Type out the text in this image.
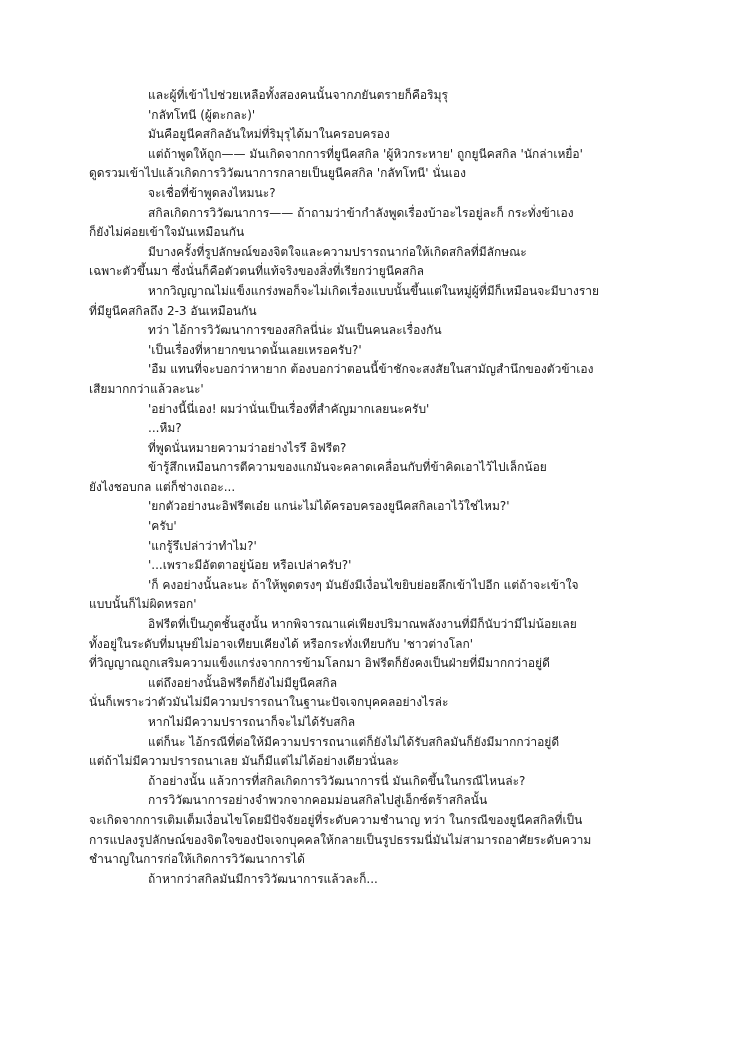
และผู้ที่เข้าไปช่วยเหลือทั้งสองคนนั้นจากภยันตรายก็คือริมุรุ

'กลัทโทนี (ผู้ตะกละ)'

มันคือยูนีคสกิลอันใหม่ที่ริมุรุได้มาในครอบครอง

แต่ถ้าพูดให้ถูก—— มันเกิดจากการที่ยูนีคสกิล 'ผู้หิวกระหาย' ถูกยูนีคสกิล 'นักล่าเหยื่อ'
ดูดรวมเข้าไปแล้วเกิดการวิวัฒนาการกลายเป็นยูนีคสกิล 'กลัทโทนี' นั่นเอง

จะเชื่อที่ข้าพูดลงไหมนะ?

สกิลเกิดการวิวัฒนาการ—— ถ้าถามว่าข้ากำลังพูดเรื่องบ้าอะไรอยู่ละก็ กระทั่งข้าเอง
ก็ยังไม่ค่อยเข้าใจมันเหมือนกัน

มีบางครั้งที่รูปลักษณ์ของจิตใจและความปรารถนาก่อให้เกิดสกิลที่มีลักษณะ
เฉพาะตัวขึ้นมา ซึ่งนั่นก็คือตัวตนที่แท้จริงของสิ่งที่เรียกว่ายูนีคสกิล

หากวิญญาณไม่แข็งแกร่งพอก็จะไม่เกิดเรื่องแบบนั้นขึ้นแต่ในหมู่ผู้ที่มีก็เหมือนจะมีบางราย
ที่มียูนีคสกิลถึง 2-3 อันเหมือนกัน

ทว่า ไอ้การวิวัฒนาการของสกิลนี่น่ะ มันเป็นคนละเรื่องกัน

'เป็นเรื่องที่หายากขนาดนั้นเลยเหรอครับ?'

'อืม แทนที่จะบอกว่าหายาก ต้องบอกว่าตอนนี้ข้าชักจะสงสัยในสามัญสำนึกของตัวข้าเอง
เสียมากกว่าแล้วละนะ'

'อย่างนี้นี่เอง! ผมว่านั่นเป็นเรื่องที่สำคัญมากเลยนะครับ'

...หืม?

ที่พูดนั่นหมายความว่าอย่างไรรึ อิฟรีต?

ข้ารู้สึกเหมือนการตีความของแกมันจะคลาดเคลื่อนกับที่ข้าคิดเอาไว้ไปเล็กน้อย
ยังไงชอบกล แต่ก็ช่างเถอะ...

'ยกตัวอย่างนะอิฟรีตเอ๋ย แกน่ะไม่ได้ครอบครองยูนีคสกิลเอาไว้ใช่ไหม?'

'ครับ'

'แกรู้รึเปล่าว่าทำไม?'

'...เพราะมีอัตตาอยู่น้อย หรือเปล่าครับ?'

'ก็ คงอย่างนั้นละนะ ถ้าให้พูดตรงๆ มันยังมีเงื่อนไขยิบย่อยลึกเข้าไปอีก แต่ถ้าจะเข้าใจ
แบบนั้นก็ไม่ผิดหรอก'

อิฟรีตที่เป็นภูตชั้นสูงนั้น หากพิจารณาแค่เพียงปริมาณพลังงานที่มีก็นับว่ามีไม่น้อยเลย
ทั้งอยู่ในระดับที่มนุษย์ไม่อาจเทียบเคียงได้ หรือกระทั่งเทียบกับ 'ชาวต่างโลก'
ที่วิญญาณถูกเสริมความแข็งแกร่งจากการข้ามโลกมา อิฟรีตก็ยังคงเป็นฝ่ายที่มีมากกว่าอยู่ดี

แต่ถึงอย่างนั้นอิฟรีตก็ยังไม่มียูนีคสกิล
นั่นก็เพราะว่าตัวมันไม่มีความปรารถนาในฐานะปัจเจกบุคคลอย่างไรล่ะ

หากไม่มีความปรารถนาก็จะไม่ได้รับสกิล

แต่ก็นะ ไอ้กรณีที่ต่อให้มีความปรารถนาแต่ก็ยังไม่ได้รับสกิลมันก็ยังมีมากกว่าอยู่ดี
แต่ถ้าไม่มีความปรารถนาเลย มันก็มีแต่ไม่ได้อย่างเดียวนั่นละ

ถ้าอย่างนั้น แล้วการที่สกิลเกิดการวิวัฒนาการนี่ มันเกิดขึ้นในกรณีไหนล่ะ?

การวิวัฒนาการอย่างจำพวกจากคอมม่อนสกิลไปสู่เอ็กซ์ตร้าสกิลนั้น
จะเกิดจากการเติมเต็มเงื่อนไขโดยมีปัจจัยอยู่ที่ระดับความชำนาญ ทว่า ในกรณีของยูนีคสกิลที่เป็น
การแปลงรูปลักษณ์ของจิตใจของปัจเจกบุคคลให้กลายเป็นรูปธรรมนี่มันไม่สามารถอาศัยระดับความ
ชำนาญในการก่อให้เกิดการวิวัฒนาการได้

ถ้าหากว่าสกิลมันมีการวิวัฒนาการแล้วละก็...
